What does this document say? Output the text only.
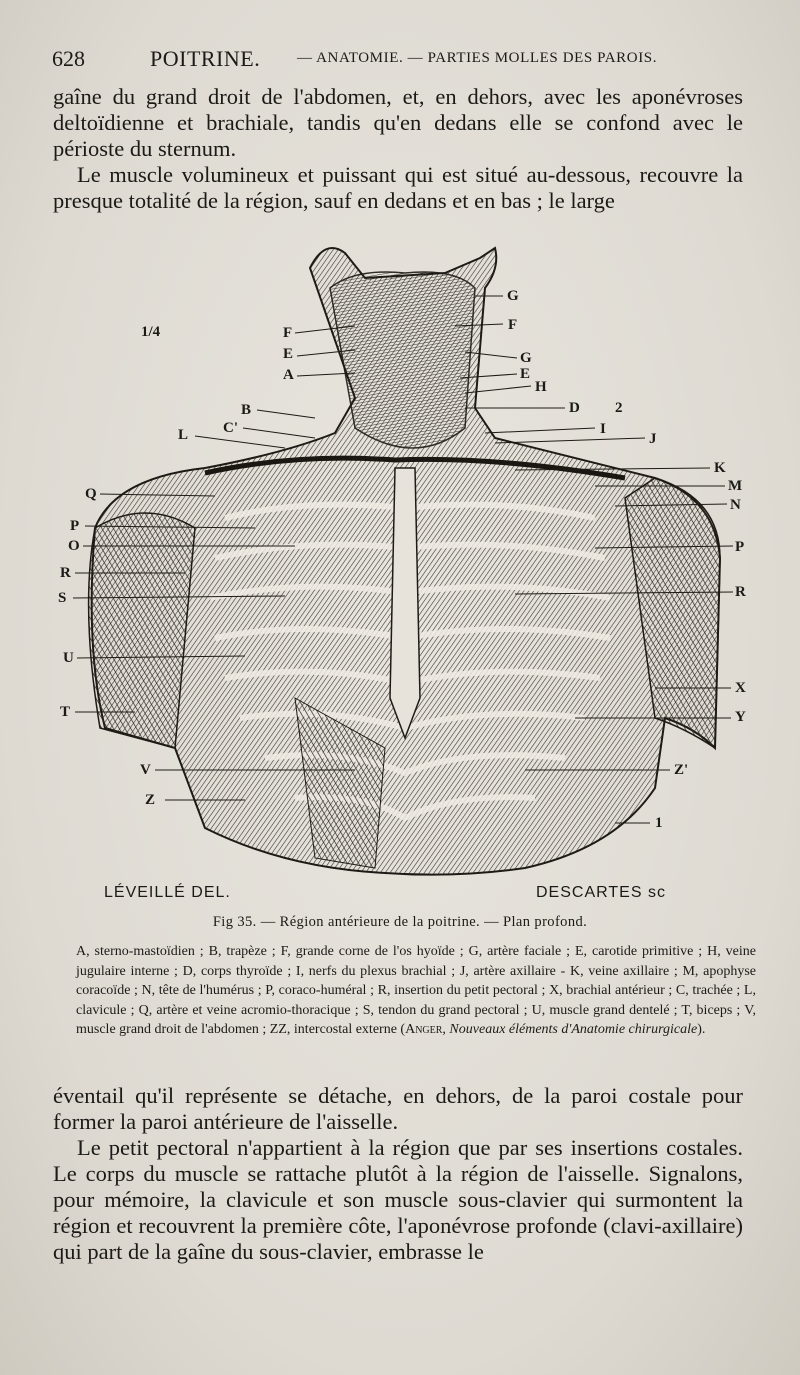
628	POITRINE. — ANATOMIE. — PARTIES MOLLES DES PAROIS.

gaîne du grand droit de l'abdomen, et, en dehors, avec les aponévroses deltoïdienne et brachiale, tandis qu'en dedans elle se confond avec le périoste du sternum.

Le muscle volumineux et puissant qui est situé au-dessous, recouvre la presque totalité de la région, sauf en dedans et en bas ; le large

1/4	F
E
A
B
C'
L
Q
P
O
R
S
U
T
V
Z
G
F
G
E
H
D 2
I
J
K
M
N
P
R
X
Y
Z'
1
LÉVEILLÉ DEL.	DESCARTES sc
Fig 35. — Région antérieure de la poitrine. — Plan profond.
A, sterno-mastoïdien ; B, trapèze ; F, grande corne de l'os hyoïde ; G, artère faciale ; E, carotide primitive ; H, veine jugulaire interne ; D, corps thyroïde ; I, nerfs du plexus brachial ; J, artère axillaire - K, veine axillaire ; M, apophyse coracoïde ; N, tête de l'humérus ; P, coraco-huméral ; R, insertion du petit pectoral ; X, brachial antérieur ; C, trachée ; L, clavicule ; Q, artère et veine acromio-thoracique ; S, tendon du grand pectoral ; U, muscle grand dentelé ; T, biceps ; V, muscle grand droit de l'abdomen ; ZZ, intercostal externe (Anger, Nouveaux éléments d'Anatomie chirurgicale).

éventail qu'il représente se détache, en dehors, de la paroi costale pour former la paroi antérieure de l'aisselle.

Le petit pectoral n'appartient à la région que par ses insertions costales. Le corps du muscle se rattache plutôt à la région de l'aisselle. Signalons, pour mémoire, la clavicule et son muscle sous-clavier qui surmontent la région et recouvrent la première côte, l'aponévrose profonde (clavi-axillaire) qui part de la gaîne du sous-clavier, embrasse le
